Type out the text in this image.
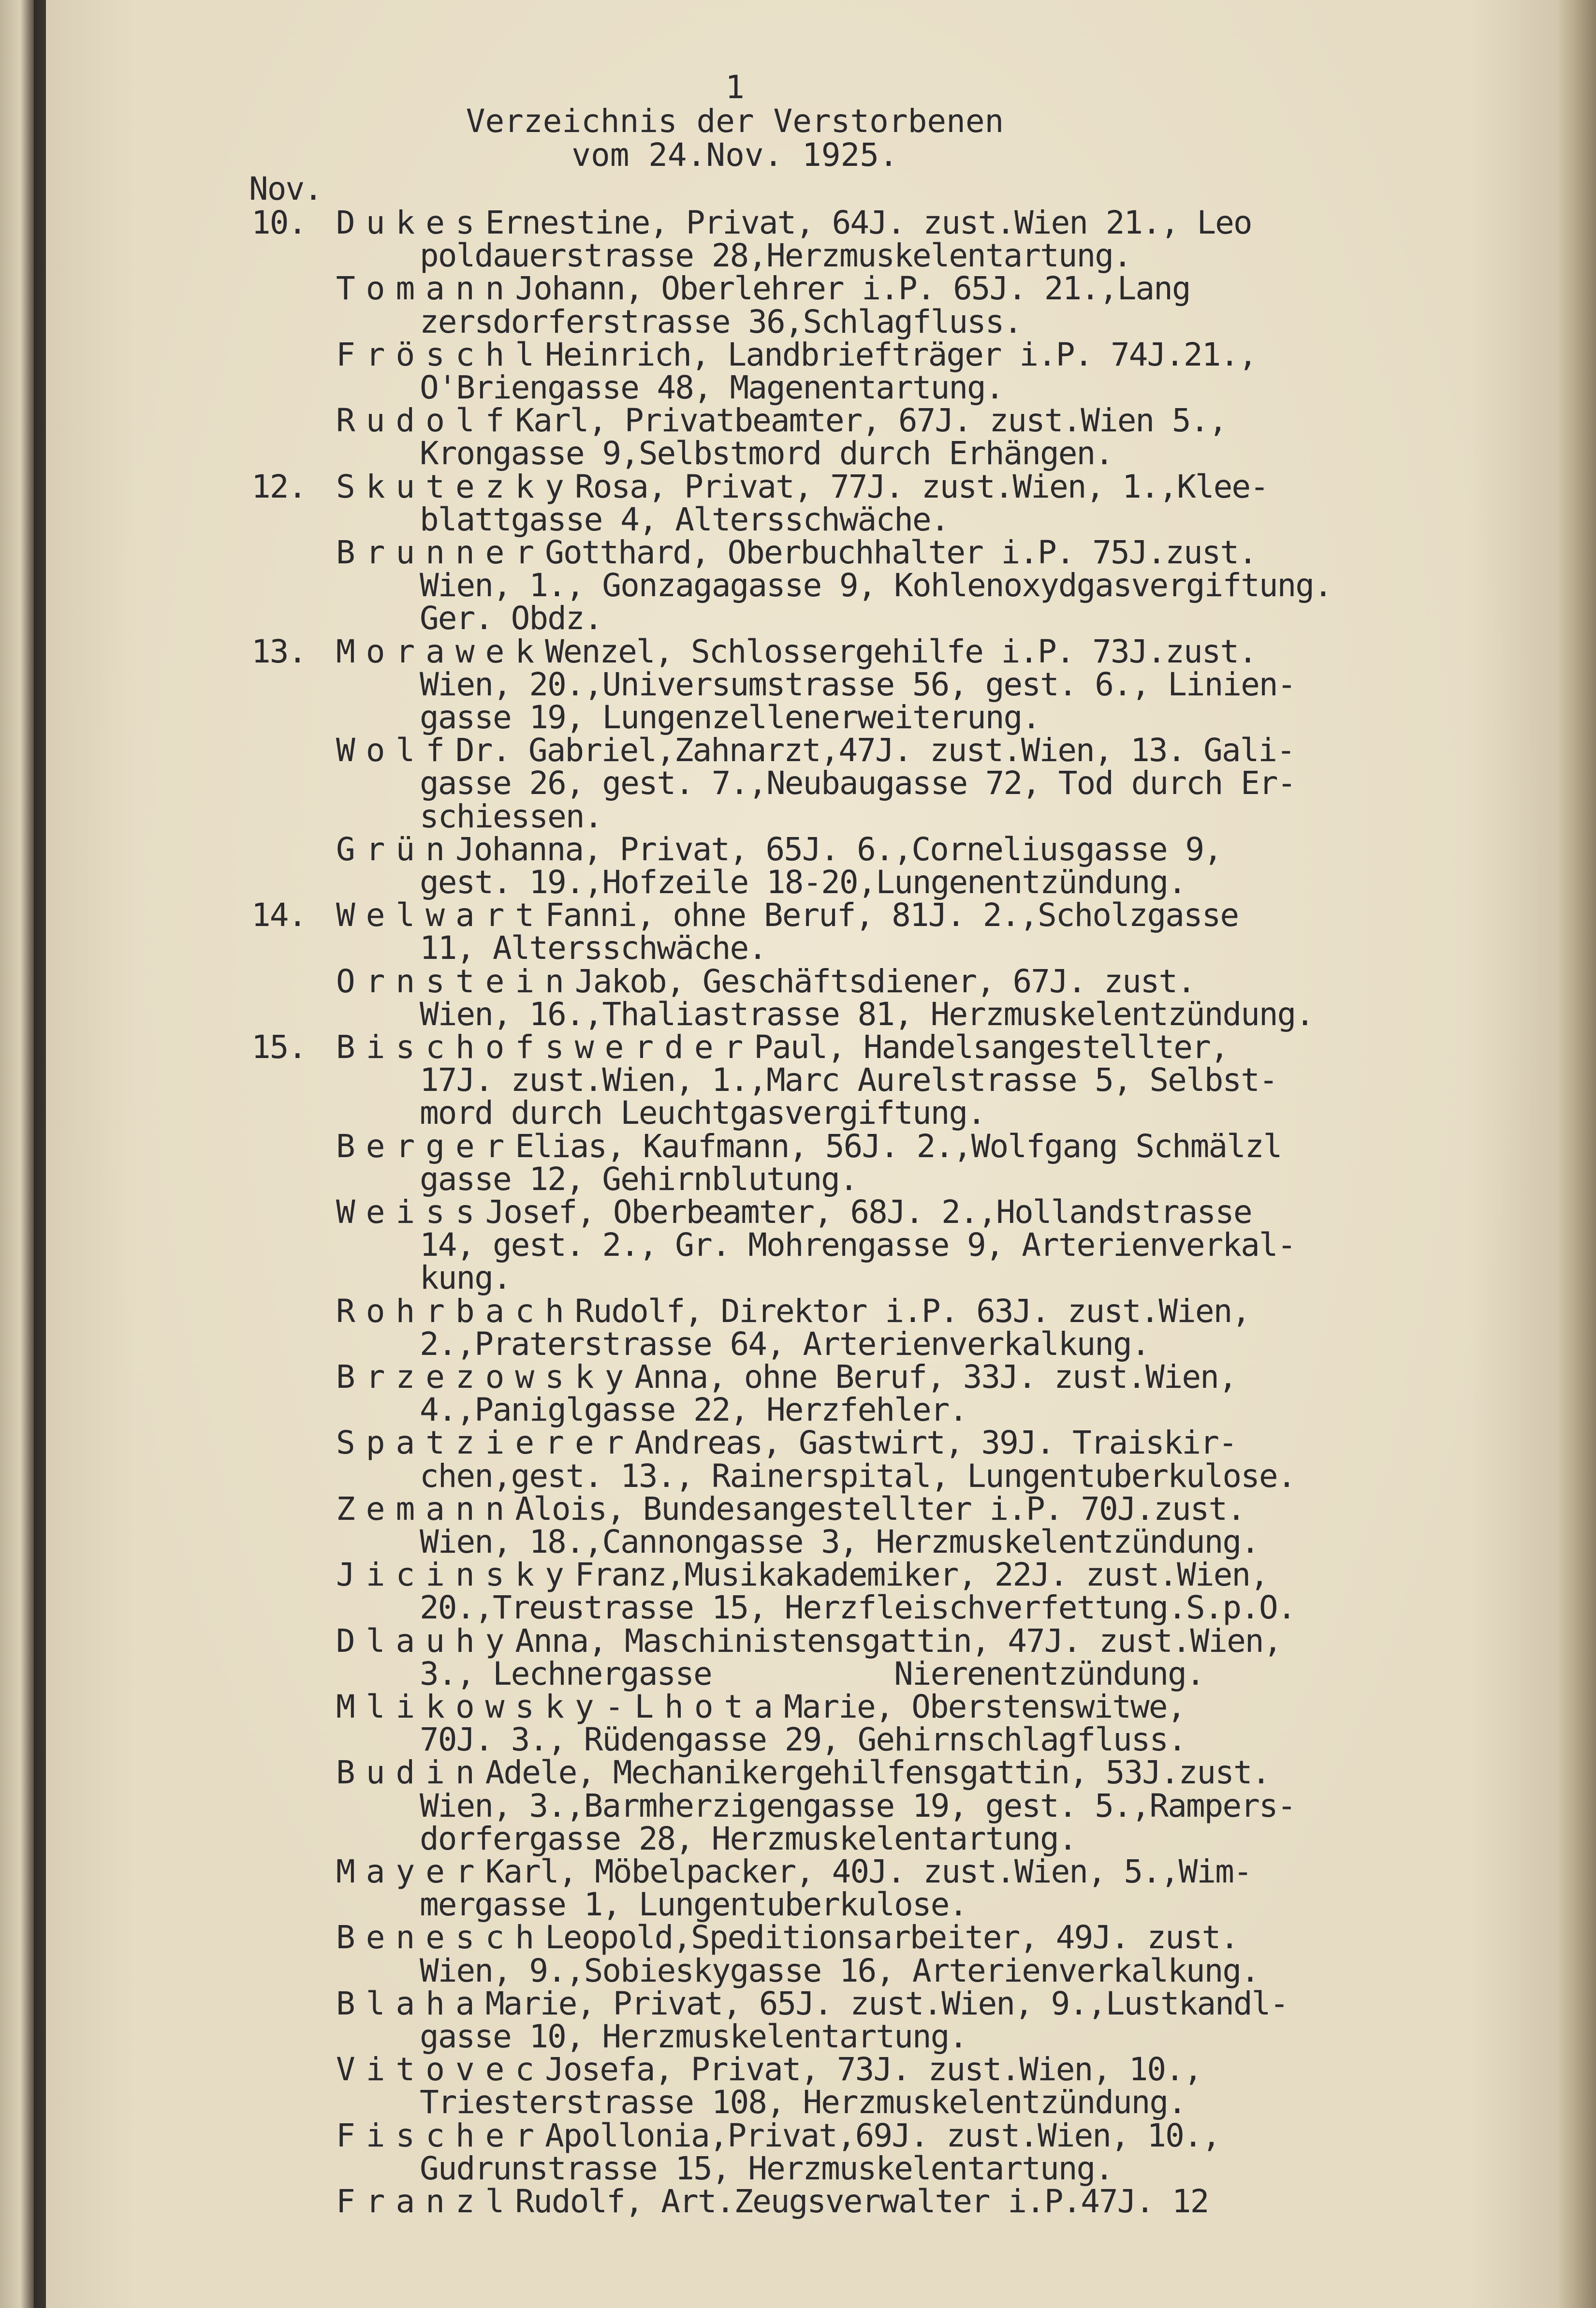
1
Verzeichnis der Verstorbenen
vom 24.Nov. 1925.
Nov.
10. DukesErnestine, Privat, 64J. zust.Wien 21., Leo
poldauerstrasse 28,Herzmuskelentartung.
TomannJohann, Oberlehrer i.P. 65J. 21.,Lang
zersdorferstrasse 36,Schlagfluss.
FröschlHeinrich, Landbriefträger i.P. 74J.21.,
O'Briengasse 48, Magenentartung.
RudolfKarl, Privatbeamter, 67J. zust.Wien 5.,
Krongasse 9,Selbstmord durch Erhängen.
12. SkutezkyRosa, Privat, 77J. zust.Wien, 1.,Klee-
blattgasse 4, Altersschwäche.
BrunnerGotthard, Oberbuchhalter i.P. 75J.zust.
Wien, 1., Gonzagagasse 9, Kohlenoxydgasvergiftung.
Ger. Obdz.
13. MorawekWenzel, Schlossergehilfe i.P. 73J.zust.
Wien, 20.,Universumstrasse 56, gest. 6., Linien-
gasse 19, Lungenzellenerweiterung.
WolfDr. Gabriel,Zahnarzt,47J. zust.Wien, 13. Gali-
gasse 26, gest. 7.,Neubaugasse 72, Tod durch Er-
schiessen.
GrünJohanna, Privat, 65J. 6.,Corneliusgasse 9,
gest. 19.,Hofzeile 18-20,Lungenentzündung.
14. WelwartFanni, ohne Beruf, 81J. 2.,Scholzgasse
11, Altersschwäche.
OrnsteinJakob, Geschäftsdiener, 67J. zust.
Wien, 16.,Thaliastrasse 81, Herzmuskelentzündung.
15. BischofswerderPaul, Handelsangestellter,
17J. zust.Wien, 1.,Marc Aurelstrasse 5, Selbst-
mord durch Leuchtgasvergiftung.
BergerElias, Kaufmann, 56J. 2.,Wolfgang Schmälzl
gasse 12, Gehirnblutung.
WeissJosef, Oberbeamter, 68J. 2.,Hollandstrasse
14, gest. 2., Gr. Mohrengasse 9, Arterienverkal-
kung.
RohrbachRudolf, Direktor i.P. 63J. zust.Wien,
2.,Praterstrasse 64, Arterienverkalkung.
BrzezowskyAnna, ohne Beruf, 33J. zust.Wien,
4.,Paniglgasse 22, Herzfehler.
SpatziererAndreas, Gastwirt, 39J. Traiskir-
chen,gest. 13., Rainerspital, Lungentuberkulose.
ZemannAlois, Bundesangestellter i.P. 70J.zust.
Wien, 18.,Cannongasse 3, Herzmuskelentzündung.
JicinskyFranz,Musikakademiker, 22J. zust.Wien,
20.,Treustrasse 15, Herzfleischverfettung.S.p.O.
DlauhyAnna, Maschinistensgattin, 47J. zust.Wien,
3., Lechnergasse          Nierenentzündung.
Mlikowsky-LhotaMarie, Oberstenswitwe,
70J. 3., Rüdengasse 29, Gehirnschlagfluss.
BudinAdele, Mechanikergehilfensgattin, 53J.zust.
Wien, 3.,Barmherzigengasse 19, gest. 5.,Rampers-
dorfergasse 28, Herzmuskelentartung.
MayerKarl, Möbelpacker, 40J. zust.Wien, 5.,Wim-
mergasse 1, Lungentuberkulose.
BeneschLeopold,Speditionsarbeiter, 49J. zust.
Wien, 9.,Sobieskygasse 16, Arterienverkalkung.
BlahaMarie, Privat, 65J. zust.Wien, 9.,Lustkandl-
gasse 10, Herzmuskelentartung.
VitovecJosefa, Privat, 73J. zust.Wien, 10.,
Triesterstrasse 108, Herzmuskelentzündung.
FischerApollonia,Privat,69J. zust.Wien, 10.,
Gudrunstrasse 15, Herzmuskelentartung.
FranzlRudolf, Art.Zeugsverwalter i.P.47J. 12
